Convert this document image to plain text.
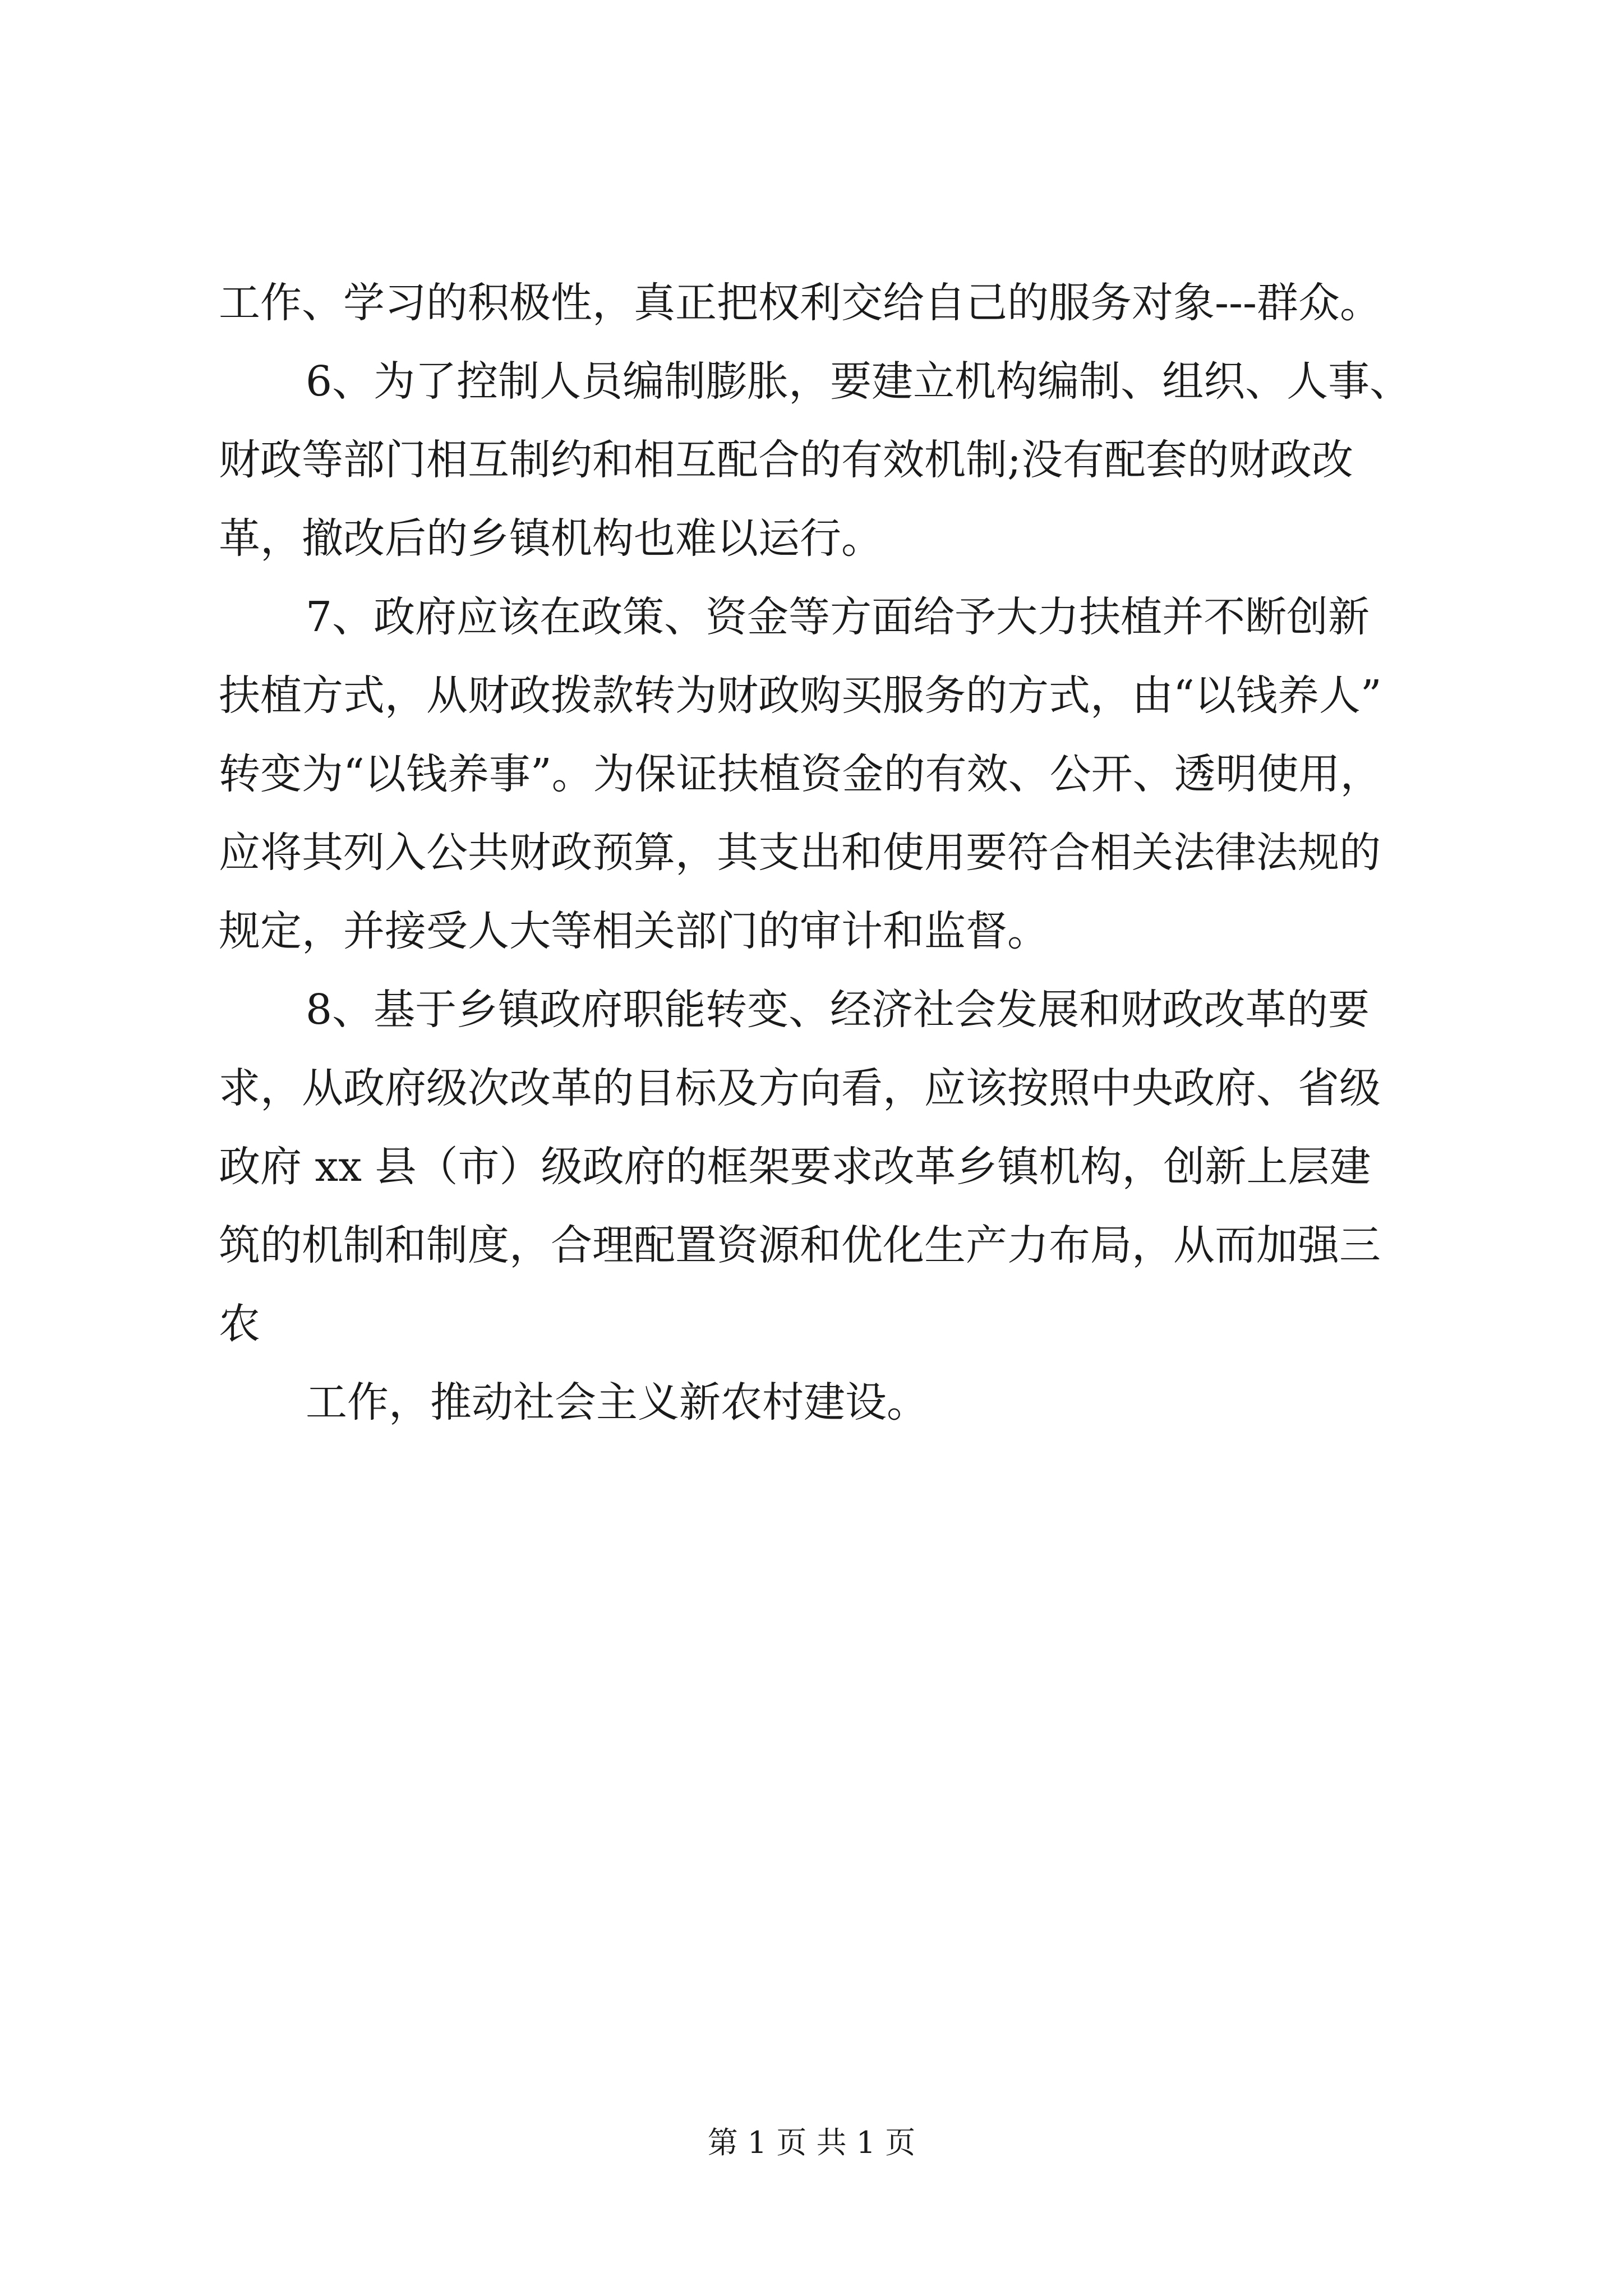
工作、学习的积极性，真正把权利交给自己的服务对象---群众。
6、为了控制人员编制膨胀，要建立机构编制、组织、人事、
财政等部门相互制约和相互配合的有效机制;没有配套的财政改
革，撤改后的乡镇机构也难以运行。
7、政府应该在政策、资金等方面给予大力扶植并不断创新
扶植方式，从财政拨款转为财政购买服务的方式，由“以钱养人”
转变为“以钱养事”。为保证扶植资金的有效、公开、透明使用，
应将其列入公共财政预算，其支出和使用要符合相关法律法规的
规定，并接受人大等相关部门的审计和监督。
8、基于乡镇政府职能转变、经济社会发展和财政改革的要
求，从政府级次改革的目标及方向看，应该按照中央政府、省级
政府 xx 县（市）级政府的框架要求改革乡镇机构，创新上层建
筑的机制和制度，合理配置资源和优化生产力布局，从而加强三
农
工作，推动社会主义新农村建设。
第 1 页 共 1 页
